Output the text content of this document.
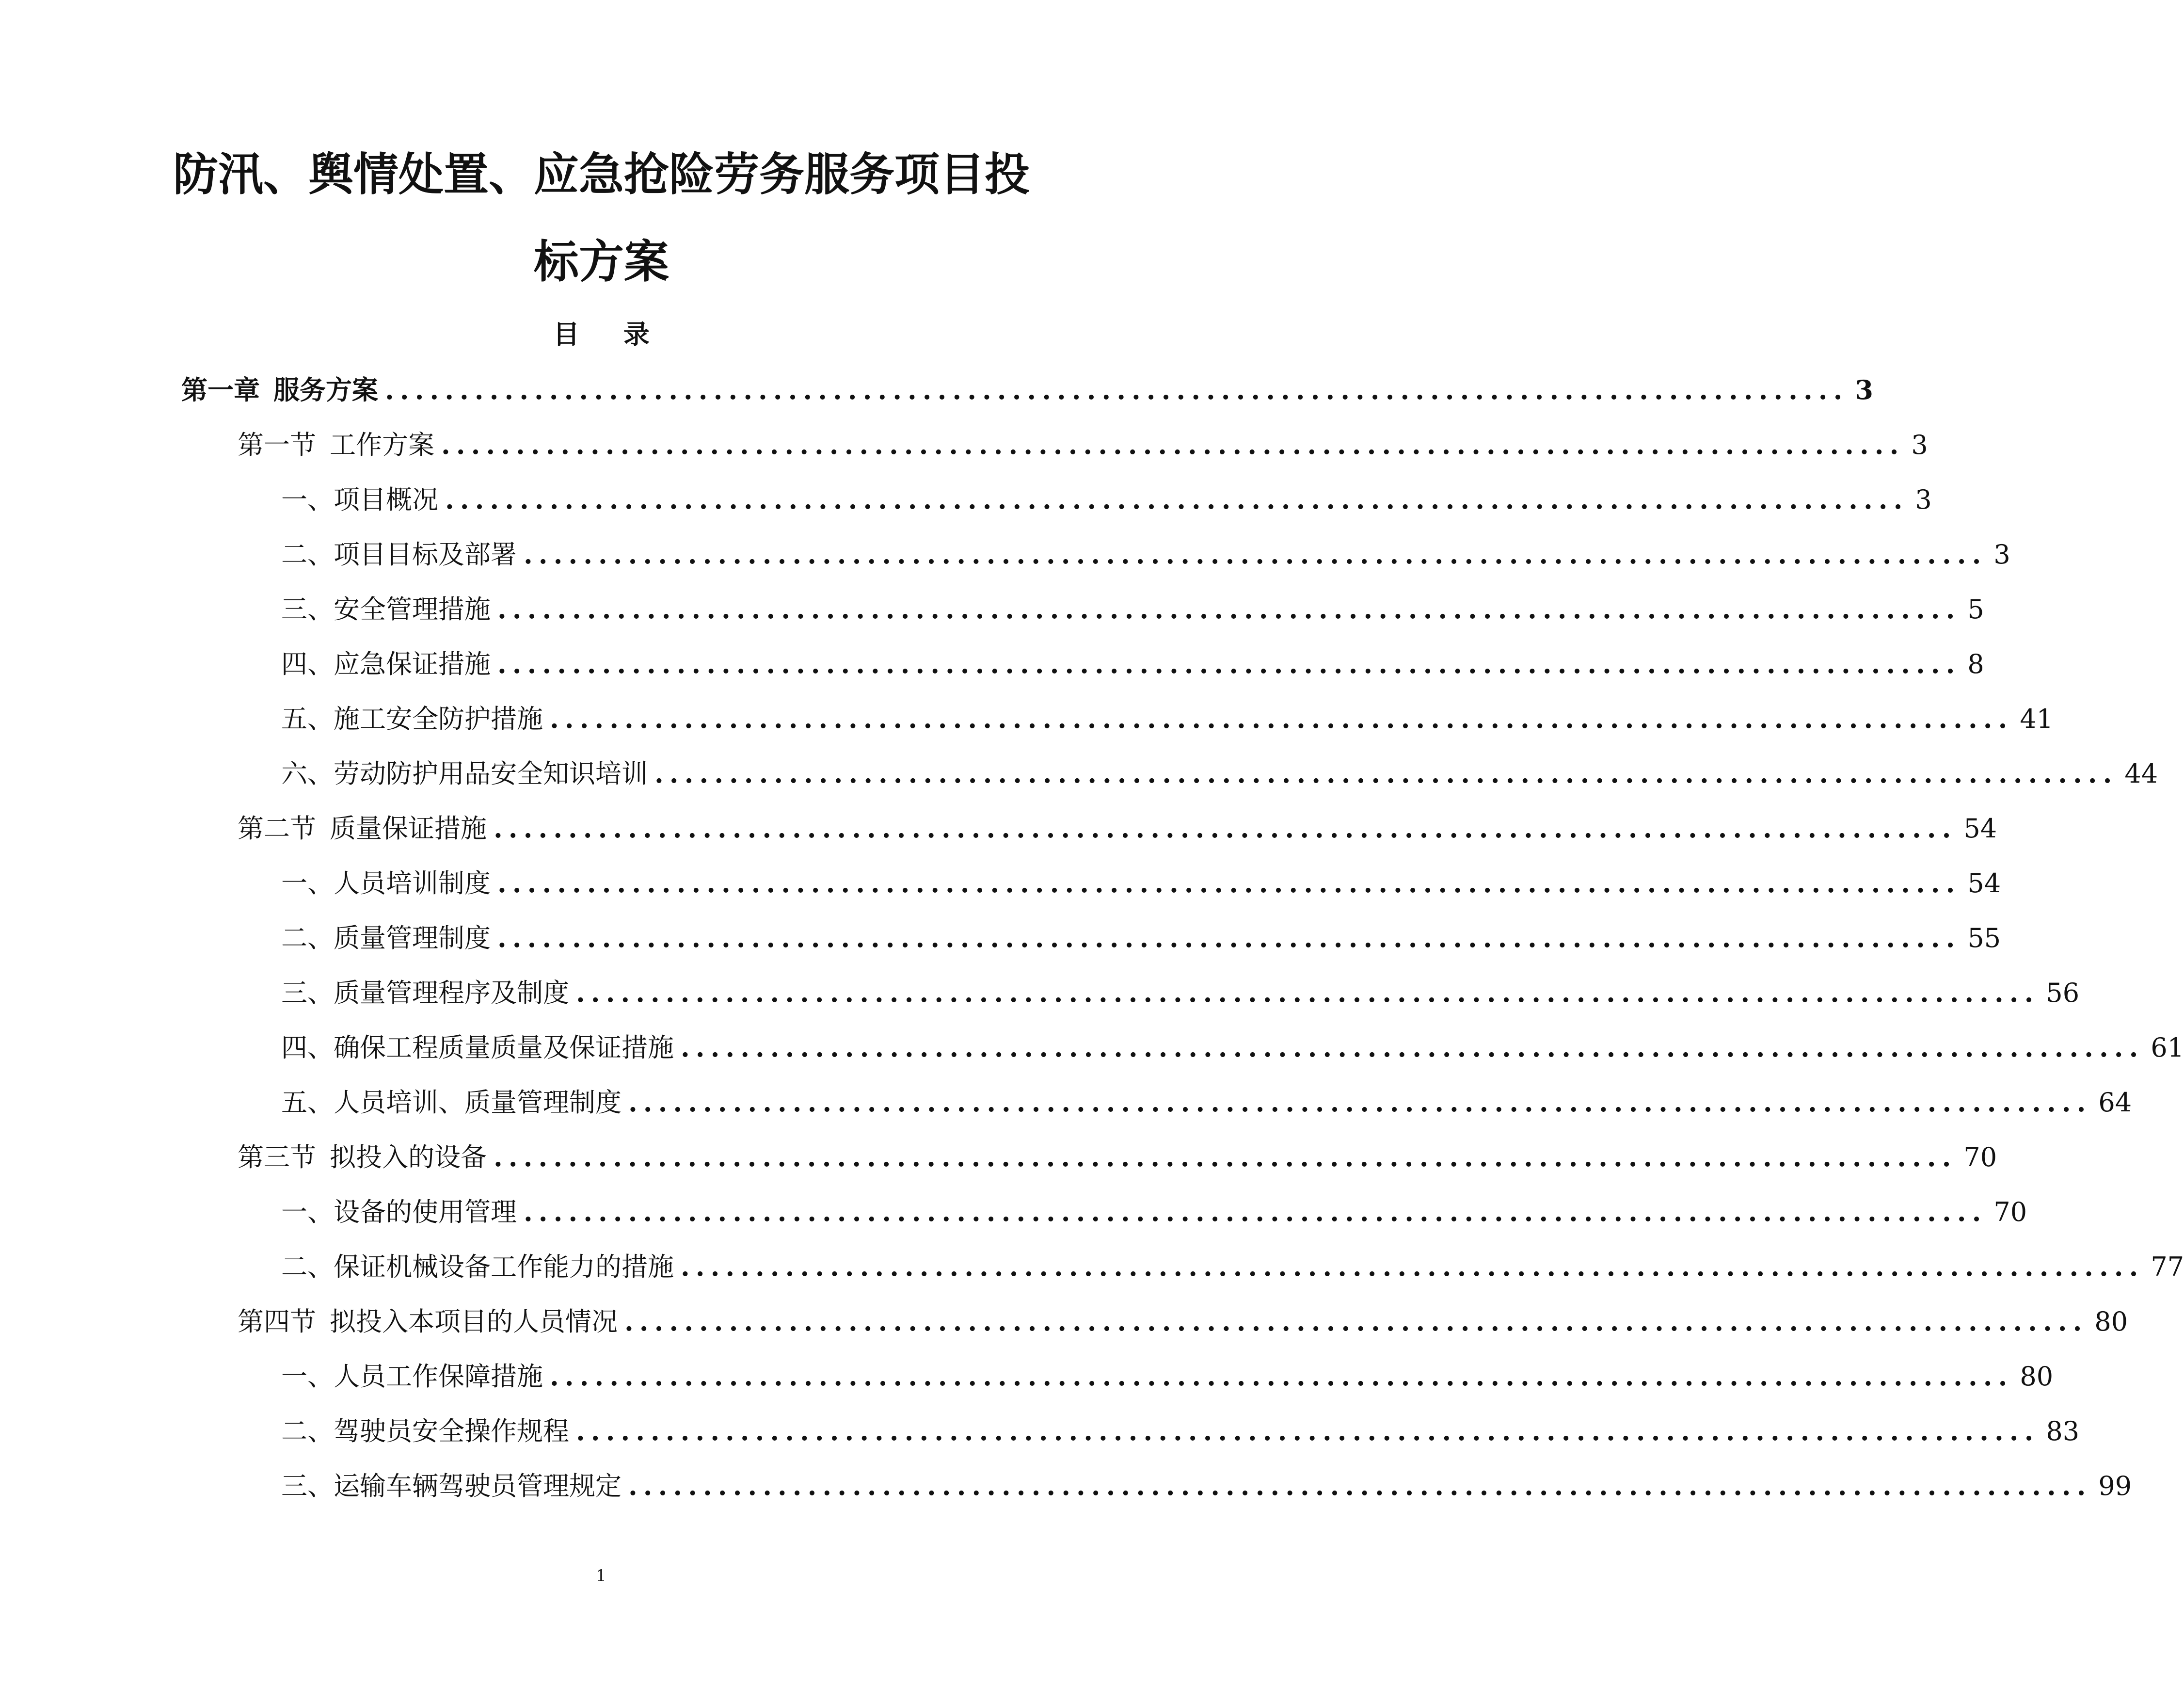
防汛、舆情处置、应急抢险劳务服务项目投
标方案
目 录
第一章 服务方案 .................................................................................................. 3
第一节 工作方案 .................................................................................................. 3
一、项目概况 .................................................................................................. 3
二、项目目标及部署 .................................................................................................. 3
三、安全管理措施 .................................................................................................. 5
四、应急保证措施 .................................................................................................. 8
五、施工安全防护措施 .................................................................................................. 41
六、劳动防护用品安全知识培训 .................................................................................................. 44
第二节 质量保证措施 .................................................................................................. 54
一、人员培训制度 .................................................................................................. 54
二、质量管理制度 .................................................................................................. 55
三、质量管理程序及制度 .................................................................................................. 56
四、确保工程质量质量及保证措施 .................................................................................................. 61
五、人员培训、质量管理制度 .................................................................................................. 64
第三节 拟投入的设备 .................................................................................................. 70
一、设备的使用管理 .................................................................................................. 70
二、保证机械设备工作能力的措施 .................................................................................................. 77
第四节 拟投入本项目的人员情况 .................................................................................................. 80
一、人员工作保障措施 .................................................................................................. 80
二、驾驶员安全操作规程 .................................................................................................. 83
三、运输车辆驾驶员管理规定 .................................................................................................. 99
1
